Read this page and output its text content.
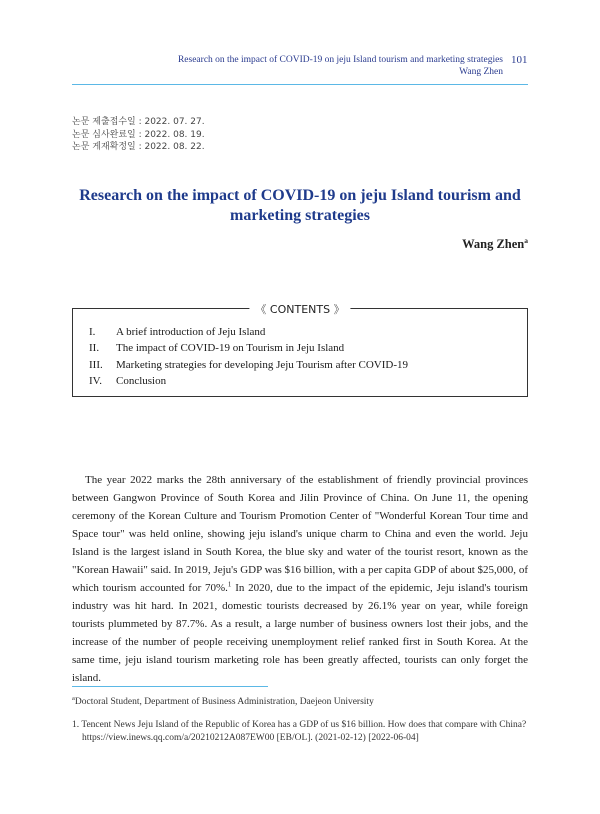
Research on the impact of COVID-19 on jeju Island tourism and marketing strategies
Wang Zhen
101
논문 제출접수일 : 2022. 07. 27.
논문 심사완료일 : 2022. 08. 19.
논문 게재확정일 : 2022. 08. 22.
Research on the impact of COVID-19 on jeju Island tourism and
marketing strategies
Wang Zhen$^a$
《 CONTENTS 》
I. A brief introduction of Jeju Island
II. The impact of COVID-19 on Tourism in Jeju Island
III. Marketing strategies for developing Jeju Tourism after COVID-19
IV. Conclusion

The year 2022 marks the 28th anniversary of the establishment of friendly provincial provinces between Gangwon Province of South Korea and Jilin Province of China. On June 11, the opening ceremony of the Korean Culture and Tourism Promotion Center of "Wonderful Korean Tour time and Space tour" was held online, showing jeju island's unique charm to China and even the world. Jeju Island is the largest island in South Korea, the blue sky and water of the tourist resort, known as the "Korean Hawaii" said. In 2019, Jeju's GDP was $16 billion, with a per capita GDP of about $25,000, of which tourism accounted for 70%.$^1$ In 2020, due to the impact of the epidemic, Jeju island's tourism industry was hit hard. In 2021, domestic tourists decreased by 26.1% year on year, while foreign tourists plummeted by 87.7%. As a result, a large number of business owners lost their jobs, and the increase of the number of people receiving unemployment relief ranked first in South Korea. At the same time, jeju island tourism marketing role has been greatly affected, tourists can only forget the island.

$^a$Doctoral Student, Department of Business Administration, Daejeon University
1. Tencent News Jeju Island of the Republic of Korea has a GDP of us $16 billion. How does that compare with China?
https://view.inews.qq.com/a/20210212A087EW00 [EB/OL]. (2021-02-12) [2022-06-04]
